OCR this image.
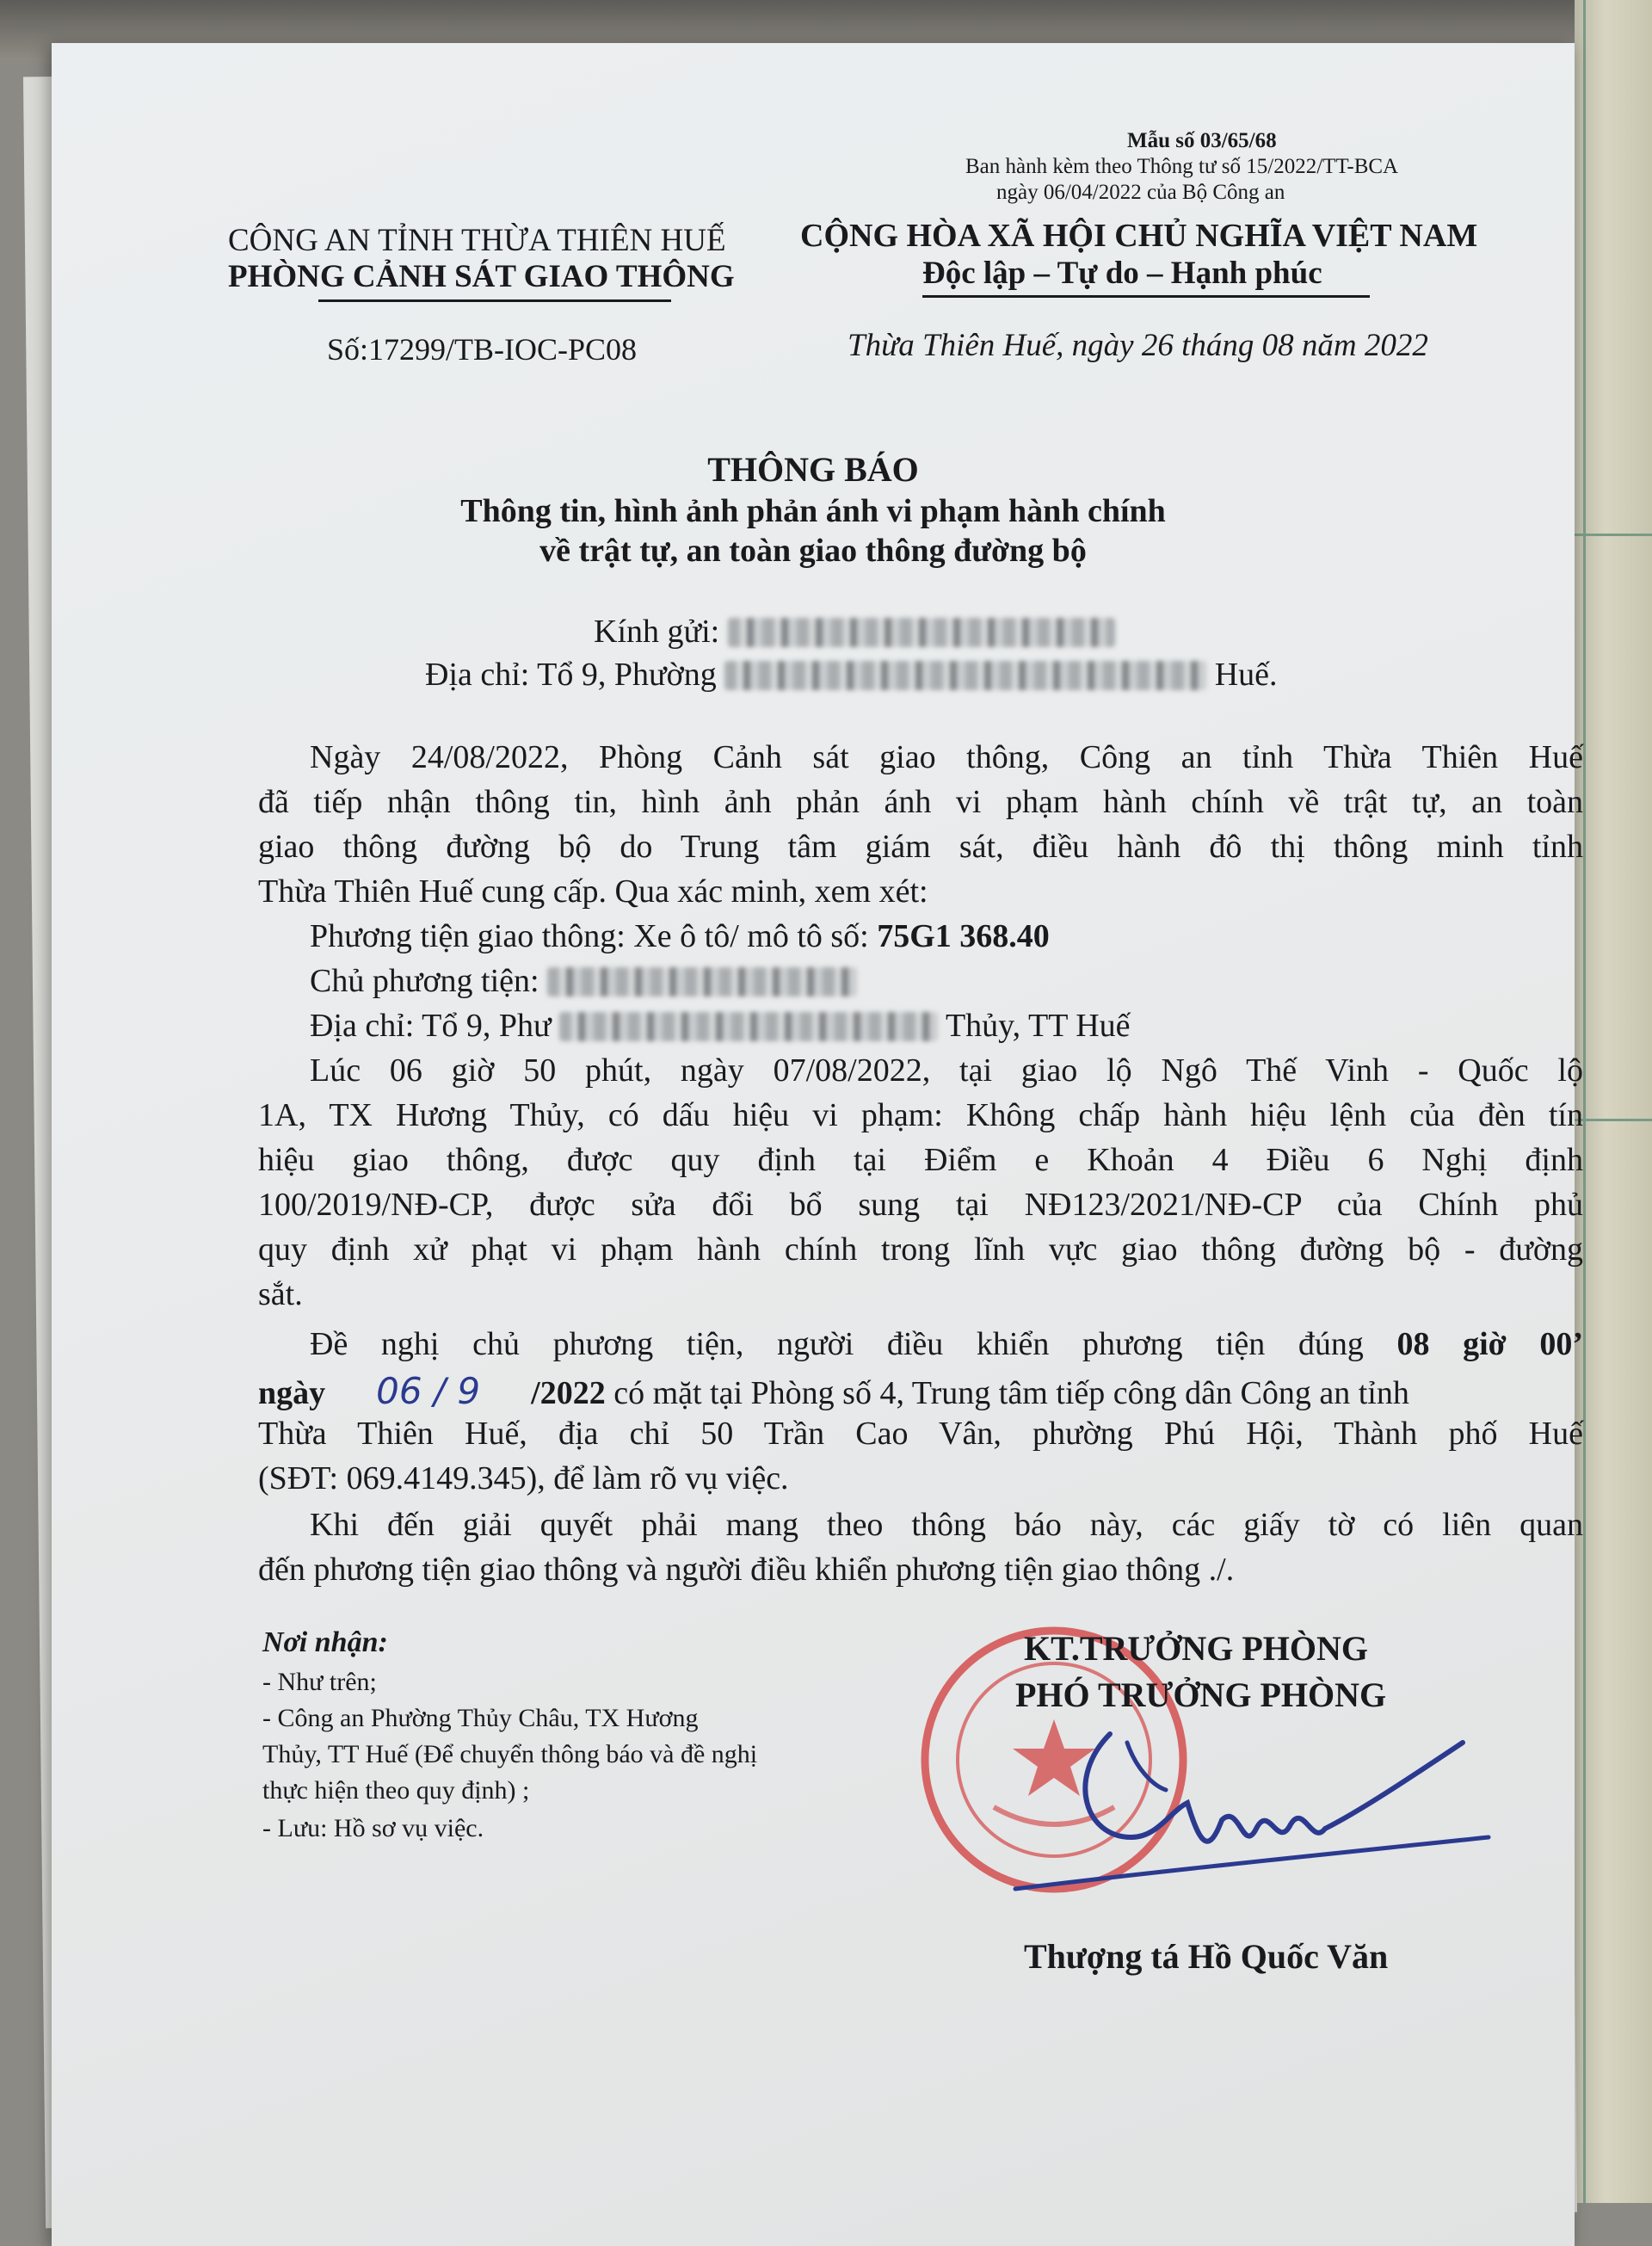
Mẫu số 03/65/68
Ban hành kèm theo Thông tư số 15/2022/TT-BCA
ngày 06/04/2022 của Bộ Công an
CÔNG AN TỈNH THỪA THIÊN HUẾ
PHÒNG CẢNH SÁT GIAO THÔNG
Số:17299/TB-IOC-PC08
CỘNG HÒA XÃ HỘI CHỦ NGHĨA VIỆT NAM
Độc lập – Tự do – Hạnh phúc
Thừa Thiên Huế, ngày 26 tháng 08 năm 2022
THÔNG BÁO
Thông tin, hình ảnh phản ánh vi phạm hành chính
về trật tự, an toàn giao thông đường bộ
Kính gửi:
Địa chỉ: Tổ 9, Phường	Huế.
Ngày 24/08/2022, Phòng Cảnh sát giao thông, Công an tỉnh Thừa Thiên Huế
đã tiếp nhận thông tin, hình ảnh phản ánh vi phạm hành chính về trật tự, an toàn
giao thông đường bộ do Trung tâm giám sát, điều hành đô thị thông minh tỉnh
Thừa Thiên Huế cung cấp. Qua xác minh, xem xét:
Phương tiện giao thông: Xe ô tô/ mô tô số: 75G1 368.40
Chủ phương tiện:
Địa chỉ: Tổ 9, Phư	Thủy, TT Huế
Lúc 06 giờ 50 phút, ngày 07/08/2022, tại giao lộ Ngô Thế Vinh - Quốc lộ
1A, TX Hương Thủy, có dấu hiệu vi phạm: Không chấp hành hiệu lệnh của đèn tín
hiệu giao thông, được quy định tại Điểm e Khoản 4 Điều 6 Nghị định
100/2019/NĐ-CP, được sửa đổi bổ sung tại NĐ123/2021/NĐ-CP của Chính phủ
quy định xử phạt vi phạm hành chính trong lĩnh vực giao thông đường bộ - đường
sắt.
Đề nghị chủ phương tiện, người điều khiển phương tiện đúng 08 giờ 00’
ngày 06 / 9 /2022 có mặt tại Phòng số 4, Trung tâm tiếp công dân Công an tỉnh
Thừa Thiên Huế, địa chỉ 50 Trần Cao Vân, phường Phú Hội, Thành phố Huế
(SĐT: 069.4149.345), để làm rõ vụ việc.
Khi đến giải quyết phải mang theo thông báo này, các giấy tờ có liên quan
đến phương tiện giao thông và người điều khiển phương tiện giao thông ./.
Nơi nhận:
- Như trên;
- Công an Phường Thủy Châu, TX Hương
Thủy, TT Huế (Để chuyển thông báo và đề nghị
thực hiện theo quy định) ;
- Lưu: Hồ sơ vụ việc.
KT.TRƯỞNG PHÒNG
PHÓ TRƯỞNG PHÒNG
Thượng tá Hồ Quốc Văn
